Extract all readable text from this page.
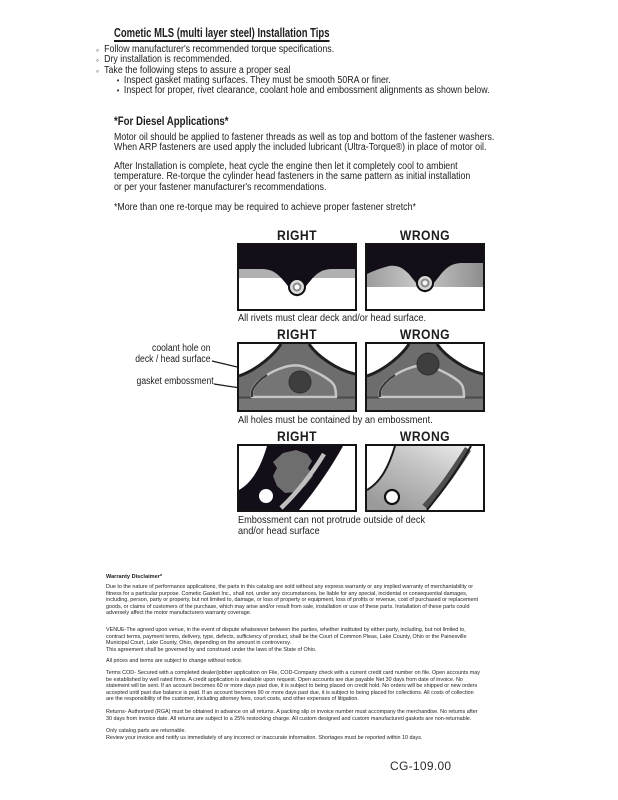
Cometic MLS (multi layer steel) Installation Tips
◦ Follow manufacturer's recommended torque specifications.
◦ Dry installation is recommended.
◦ Take the following steps to assure a proper seal
• Inspect gasket mating surfaces. They must be smooth 50RA or finer.
• Inspect for proper, rivet clearance, coolant hole and embossment alignments as shown below.
*For Diesel Applications*
Motor oil should be applied to fastener threads as well as top and bottom of the fastener washers.
When ARP fasteners are used apply the included lubricant (Ultra-Torque®) in place of motor oil.
After Installation is complete, heat cycle the engine then let it completely cool to ambient
temperature. Re-torque the cylinder head fasteners in the same pattern as initial installation
or per your fastener manufacturer's recommendations.
*More than one re-torque may be required to achieve proper fastener stretch*
RIGHT	WRONG
All rivets must clear deck and/or head surface.
RIGHT	WRONG
coolant hole on
deck / head surface
gasket embossment
All holes must be contained by an embossment.
RIGHT	WRONG
Embossment can not protrude outside of deck
and/or head surface
Warranty Disclaimer*
Due to the nature of performance applications, the parts in this catalog are sold without any express warranty or any implied warranty of merchantability or
fitness for a particular purpose. Cometic Gasket Inc., shall not, under any circumstances, be liable for any special, incidental or consequential damages,
including, person, party or property, but not limited to, damage, or loss of property or equipment, loss of profits or revenue, cost of purchased or replacement
goods, or claims of customers of the purchase, which may arise and/or result from sale, installation or use of these parts. Installation of these parts could
adversely affect the motor manufacturers warranty coverage.
VENUE-The agreed upon venue, in the event of dispute whatsoever between the parties, whether instituted by either party, including, but not limited to,
contract terms, payment terms, delivery, type, defects, sufficiency of product, shall be the Court of Common Pleas, Lake County, Ohio or the Painesville
Municipal Court, Lake County, Ohio, depending on the amount in controversy.
This agreement shall be governed by and construed under the laws of the State of Ohio.
All prices and terms are subject to change without notice.
Terms COD- Secured with a completed dealer/jobber application on File, COD-Company check with a current credit card number on file. Open accounts may
be established by well rated firms. A credit application is available upon request. Open accounts are due payable Net 30 days from date of invoice. No
statement will be sent. If an account becomes 60 or more days past due, it is subject to being placed on credit hold. No orders will be shipped or new orders
accepted until past due balance is paid. If an account becomes 90 or more days past due, it is subject to being placed for collections. All costs of collection
are the responsibility of the customer, including attorney fees, court costs, and other expenses of litigation.
Returns- Authorized (RGA) must be obtained in advance on all returns. A packing slip or invoice number must accompany the merchandise. No returns after
30 days from invoice date. All returns are subject to a 25% restocking charge. All custom designed and custom manufactured gaskets are non-returnable.
Only catalog parts are returnable.
Review your invoice and notify us immediately of any incorrect or inaccurate information. Shortages must be reported within 10 days.
CG-109.00
